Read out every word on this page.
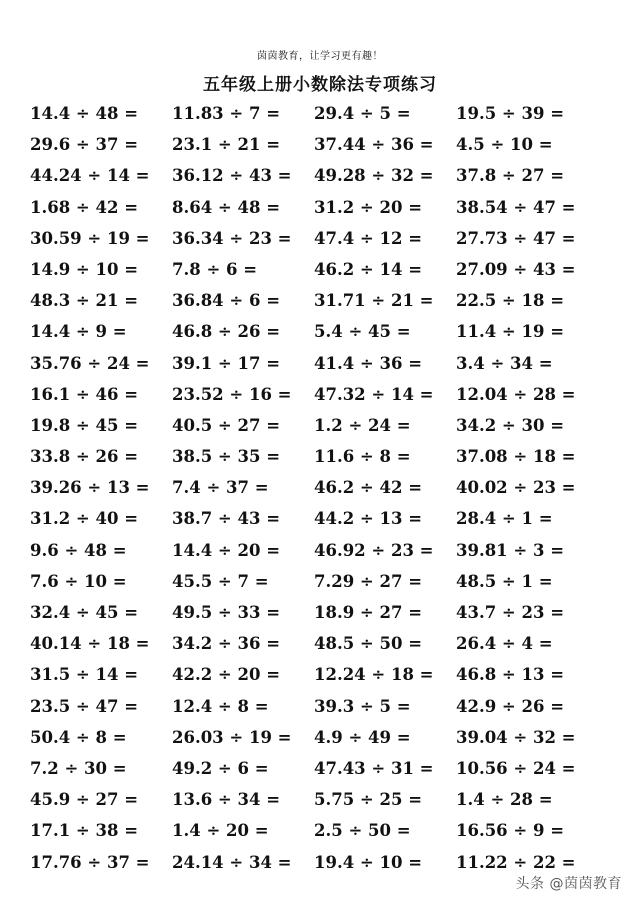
茵茵教育，让学习更有趣！
五年级上册小数除法专项练习
14.4 ÷ 48 =	11.83 ÷ 7 =	29.4 ÷ 5 =	19.5 ÷ 39 =
29.6 ÷ 37 =	23.1 ÷ 21 =	37.44 ÷ 36 =	4.5 ÷ 10 =
44.24 ÷ 14 =	36.12 ÷ 43 =	49.28 ÷ 32 =	37.8 ÷ 27 =
1.68 ÷ 42 =	8.64 ÷ 48 =	31.2 ÷ 20 =	38.54 ÷ 47 =
30.59 ÷ 19 =	36.34 ÷ 23 =	47.4 ÷ 12 =	27.73 ÷ 47 =
14.9 ÷ 10 =	7.8 ÷ 6 =	46.2 ÷ 14 =	27.09 ÷ 43 =
48.3 ÷ 21 =	36.84 ÷ 6 =	31.71 ÷ 21 =	22.5 ÷ 18 =
14.4 ÷ 9 =	46.8 ÷ 26 =	5.4 ÷ 45 =	11.4 ÷ 19 =
35.76 ÷ 24 =	39.1 ÷ 17 =	41.4 ÷ 36 =	3.4 ÷ 34 =
16.1 ÷ 46 =	23.52 ÷ 16 =	47.32 ÷ 14 =	12.04 ÷ 28 =
19.8 ÷ 45 =	40.5 ÷ 27 =	1.2 ÷ 24 =	34.2 ÷ 30 =
33.8 ÷ 26 =	38.5 ÷ 35 =	11.6 ÷ 8 =	37.08 ÷ 18 =
39.26 ÷ 13 =	7.4 ÷ 37 =	46.2 ÷ 42 =	40.02 ÷ 23 =
31.2 ÷ 40 =	38.7 ÷ 43 =	44.2 ÷ 13 =	28.4 ÷ 1 =
9.6 ÷ 48 =	14.4 ÷ 20 =	46.92 ÷ 23 =	39.81 ÷ 3 =
7.6 ÷ 10 =	45.5 ÷ 7 =	7.29 ÷ 27 =	48.5 ÷ 1 =
32.4 ÷ 45 =	49.5 ÷ 33 =	18.9 ÷ 27 =	43.7 ÷ 23 =
40.14 ÷ 18 =	34.2 ÷ 36 =	48.5 ÷ 50 =	26.4 ÷ 4 =
31.5 ÷ 14 =	42.2 ÷ 20 =	12.24 ÷ 18 =	46.8 ÷ 13 =
23.5 ÷ 47 =	12.4 ÷ 8 =	39.3 ÷ 5 =	42.9 ÷ 26 =
50.4 ÷ 8 =	26.03 ÷ 19 =	4.9 ÷ 49 =	39.04 ÷ 32 =
7.2 ÷ 30 =	49.2 ÷ 6 =	47.43 ÷ 31 =	10.56 ÷ 24 =
45.9 ÷ 27 =	13.6 ÷ 34 =	5.75 ÷ 25 =	1.4 ÷ 28 =
17.1 ÷ 38 =	1.4 ÷ 20 =	2.5 ÷ 50 =	16.56 ÷ 9 =
17.76 ÷ 37 =	24.14 ÷ 34 =	19.4 ÷ 10 =	11.22 ÷ 22 =
头条 @茵茵教育
